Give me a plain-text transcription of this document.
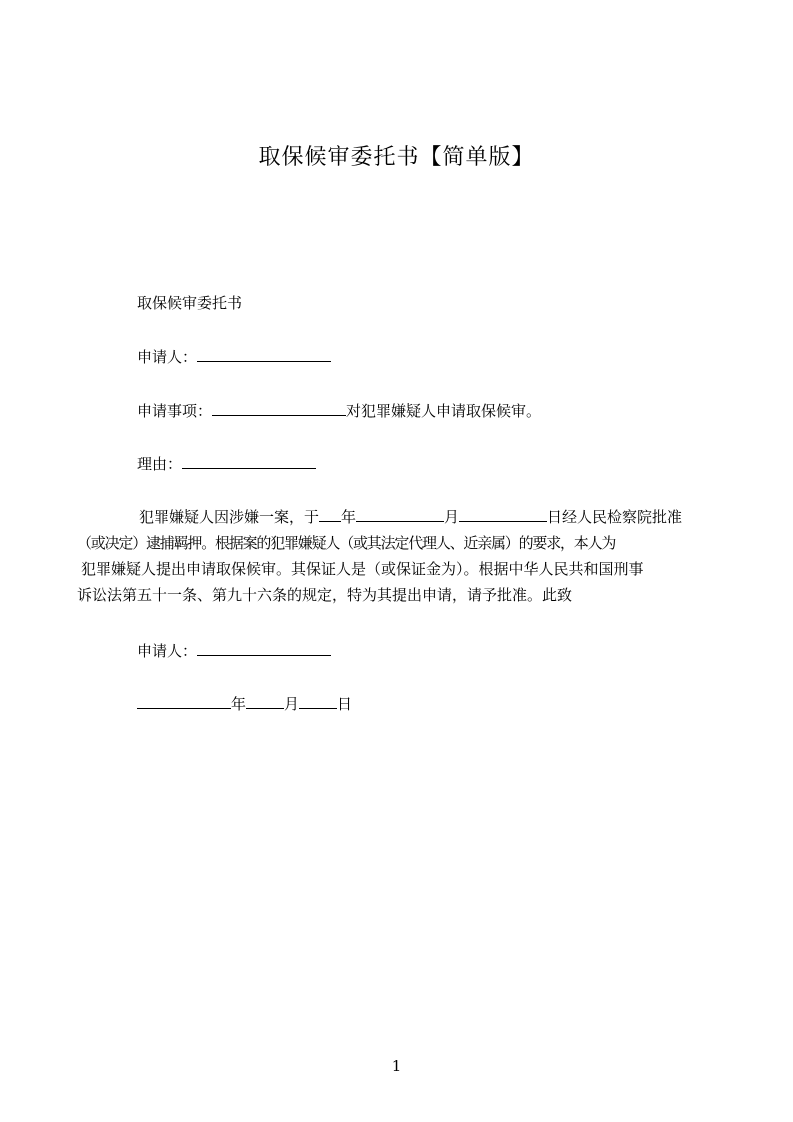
取保候审委托书【简单版】
取保候审委托书
申请人：
申请事项：	对犯罪嫌疑人申请取保候审。
理由：
犯罪嫌疑人因涉嫌一案，于 年	月	日经人民检察院批准
（或决定）逮捕羁押。根据案的犯罪嫌疑人（或其法定代理人、近亲属）的要求，本人为
犯罪嫌疑人提出申请取保候审。其保证人是（或保证金为）。根据中华人民共和国刑事
诉讼法第五十一条、第九十六条的规定，特为其提出申请，请予批准。此致
申请人：
年	月	日
1
